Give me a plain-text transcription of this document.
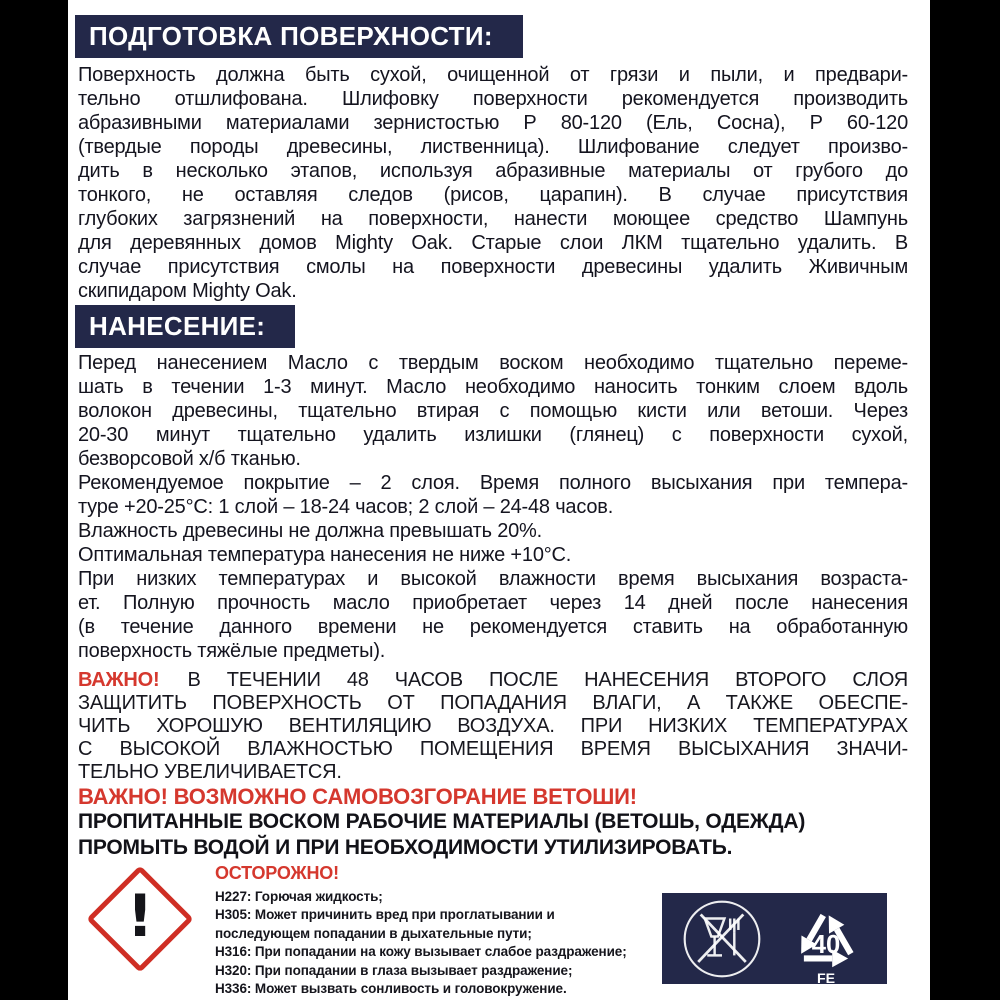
ПОДГОТОВКА ПОВЕРХНОСТИ:
Поверхность должна быть сухой, очищенной от грязи и пыли, и предвари-
тельно отшлифована. Шлифовку поверхности рекомендуется производить
абразивными материалами зернистостью Р 80-120 (Ель, Сосна), Р 60-120
(твердые породы древесины, лиственница). Шлифование следует произво-
дить в несколько этапов, используя абразивные материалы от грубого до
тонкого, не оставляя следов (рисов, царапин). В случае присутствия
глубоких загрязнений на поверхности, нанести моющее средство Шампунь
для деревянных домов Mighty Oak. Старые слои ЛКМ тщательно удалить. В
случае присутствия смолы на поверхности древесины удалить Живичным
скипидаром Mighty Oak.
НАНЕСЕНИЕ:
Перед нанесением Масло с твердым воском необходимо тщательно переме-
шать в течении 1-3 минут. Масло необходимо наносить тонким слоем вдоль
волокон древесины, тщательно втирая с помощью кисти или ветоши. Через
20-30 минут тщательно удалить излишки (глянец) с поверхности сухой,
безворсовой х/б тканью.
Рекомендуемое покрытие – 2 слоя. Время полного высыхания при темпера-
туре +20-25°С: 1 слой – 18-24 часов; 2 слой – 24-48 часов.
Влажность древесины не должна превышать 20%.
Оптимальная температура нанесения не ниже +10°С.
При низких температурах и высокой влажности время высыхания возраста-
ет. Полную прочность масло приобретает через 14 дней после нанесения
(в течение данного времени не рекомендуется ставить на обработанную
поверхность тяжёлые предметы).
ВАЖНО! В ТЕЧЕНИИ 48 ЧАСОВ ПОСЛЕ НАНЕСЕНИЯ ВТОРОГО СЛОЯ
ЗАЩИТИТЬ ПОВЕРХНОСТЬ ОТ ПОПАДАНИЯ ВЛАГИ, А ТАКЖЕ ОБЕСПЕ-
ЧИТЬ ХОРОШУЮ ВЕНТИЛЯЦИЮ ВОЗДУХА. ПРИ НИЗКИХ ТЕМПЕРАТУРАХ
С ВЫСОКОЙ ВЛАЖНОСТЬЮ ПОМЕЩЕНИЯ ВРЕМЯ ВЫСЫХАНИЯ ЗНАЧИ-
ТЕЛЬНО УВЕЛИЧИВАЕТСЯ.
ВАЖНО! ВОЗМОЖНО САМОВОЗГОРАНИЕ ВЕТОШИ!
ПРОПИТАННЫЕ ВОСКОМ РАБОЧИЕ МАТЕРИАЛЫ (ВЕТОШЬ, ОДЕЖДА)
ПРОМЫТЬ ВОДОЙ И ПРИ НЕОБХОДИМОСТИ УТИЛИЗИРОВАТЬ.
!
ОСТОРОЖНО!
H227: Горючая жидкость;
H305: Может причинить вред при проглатывании и
последующем попадании в дыхательные пути;
H316: При попадании на кожу вызывает слабое раздражение;
H320: При попадании в глаза вызывает раздражение;
H336: Может вызвать сонливость и головокружение.
40
FE
